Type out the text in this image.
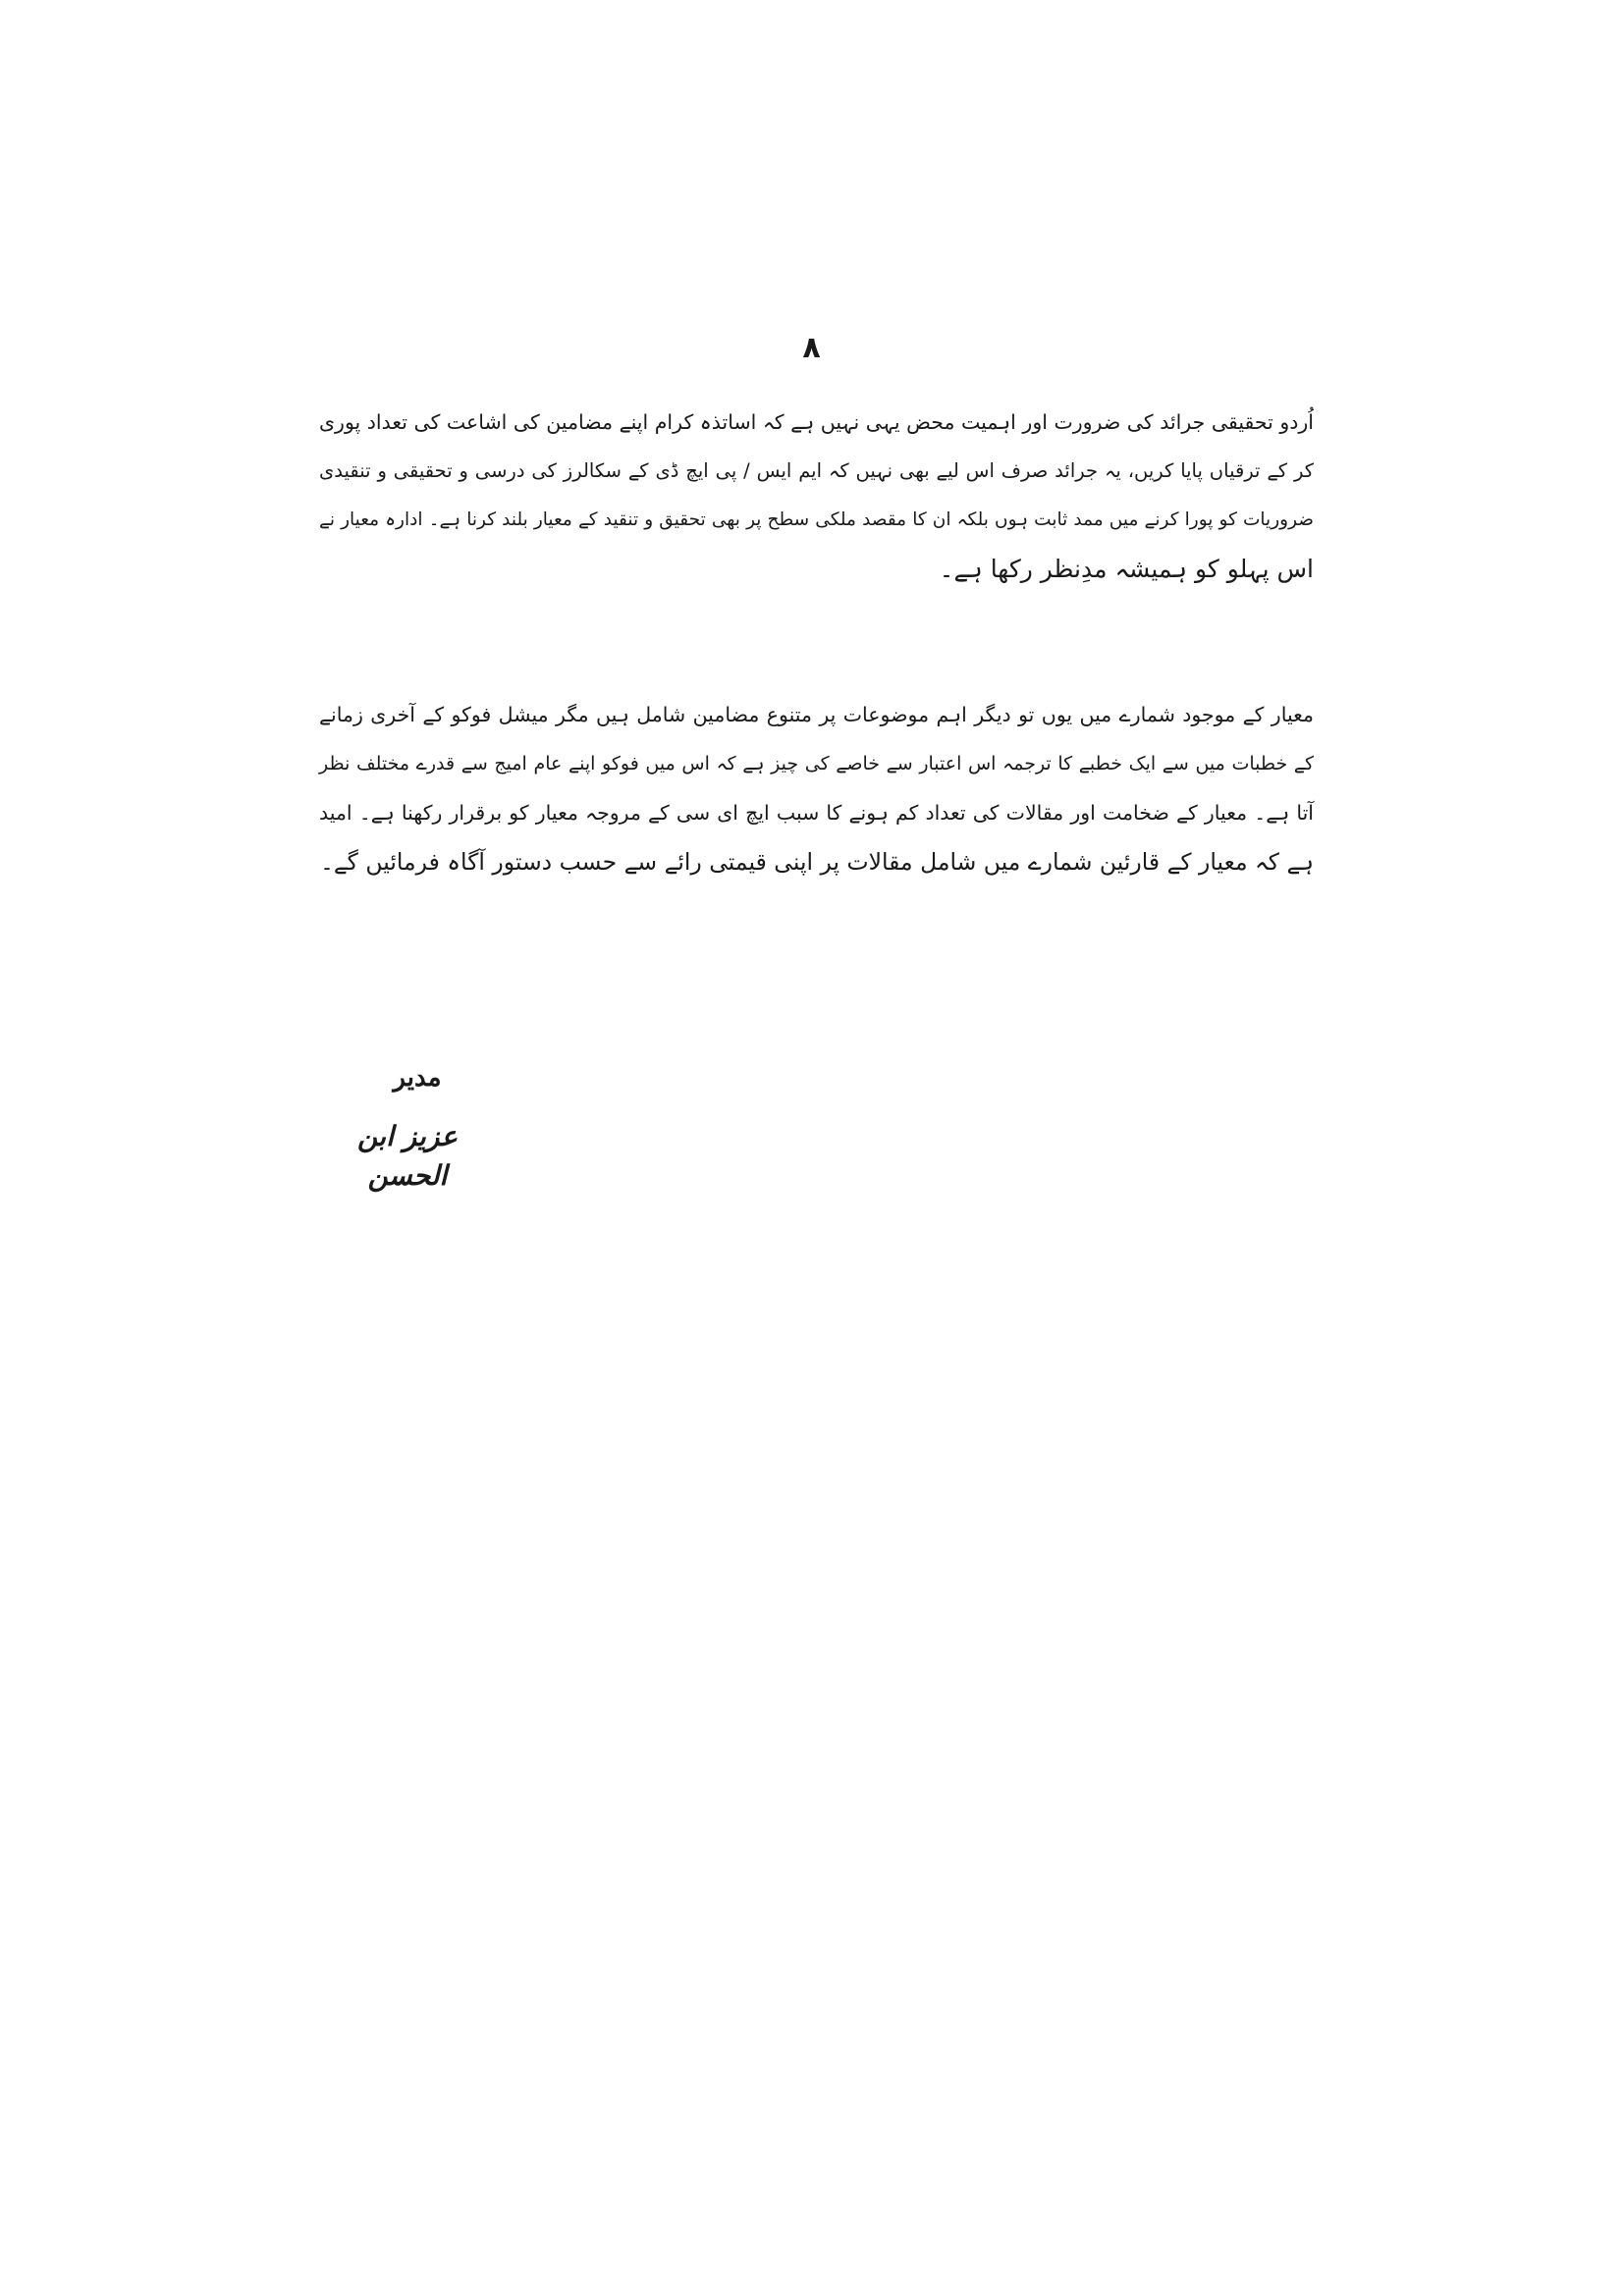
۸
اُردو تحقیقی جرائد کی ضرورت اور اہمیت محض یہی نہیں ہے کہ اساتذہ کرام اپنے مضامین کی اشاعت کی تعداد پوری
کر کے ترقیاں پایا کریں، یہ جرائد صرف اس لیے بھی نہیں کہ ایم ایس / پی ایچ ڈی کے سکالرز کی درسی و تحقیقی و تنقیدی
ضروریات کو پورا کرنے میں ممد ثابت ہوں بلکہ ان کا مقصد ملکی سطح پر بھی تحقیق و تنقید کے معیار بلند کرنا ہے۔ ادارہ معیار نے
اس پہلو کو ہمیشہ مدِنظر رکھا ہے۔
معیار کے موجود شمارے میں یوں تو دیگر اہم موضوعات پر متنوع مضامین شامل ہیں مگر میشل فوکو کے آخری زمانے
کے خطبات میں سے ایک خطبے کا ترجمہ اس اعتبار سے خاصے کی چیز ہے کہ اس میں فوکو اپنے عام امیج سے قدرے مختلف نظر
آتا ہے۔ معیار کے ضخامت اور مقالات کی تعداد کم ہونے کا سبب ایچ ای سی کے مروجہ معیار کو برقرار رکھنا ہے۔ امید
ہے کہ معیار کے قارئین شمارے میں شامل مقالات پر اپنی قیمتی رائے سے حسب دستور آگاہ فرمائیں گے۔
مدیر
عزیز ابن الحسن
